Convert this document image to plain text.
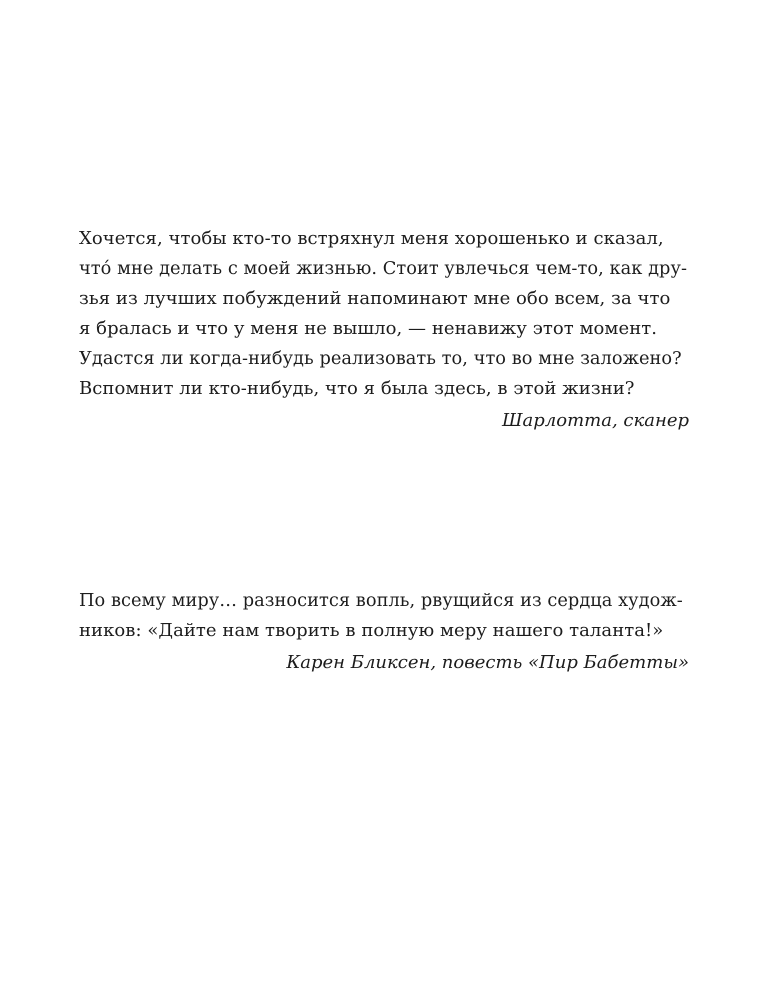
Хочется, чтобы кто-то встряхнул меня хорошенько и сказал,
что́ мне делать с моей жизнью. Стоит увлечься чем-то, как дру-
зья из лучших побуждений напоминают мне обо всем, за что
я бралась и что у меня не вышло, — ненавижу этот момент.
Удастся ли когда-нибудь реализовать то, что во мне заложено?
Вспомнит ли кто-нибудь, что я была здесь, в этой жизни?

Шарлотта, сканер

По всему миру… разносится вопль, рвущийся из сердца худож-
ников: «Дайте нам творить в полную меру нашего таланта!»

Карен Бликсен, повесть «Пир Бабетты»
